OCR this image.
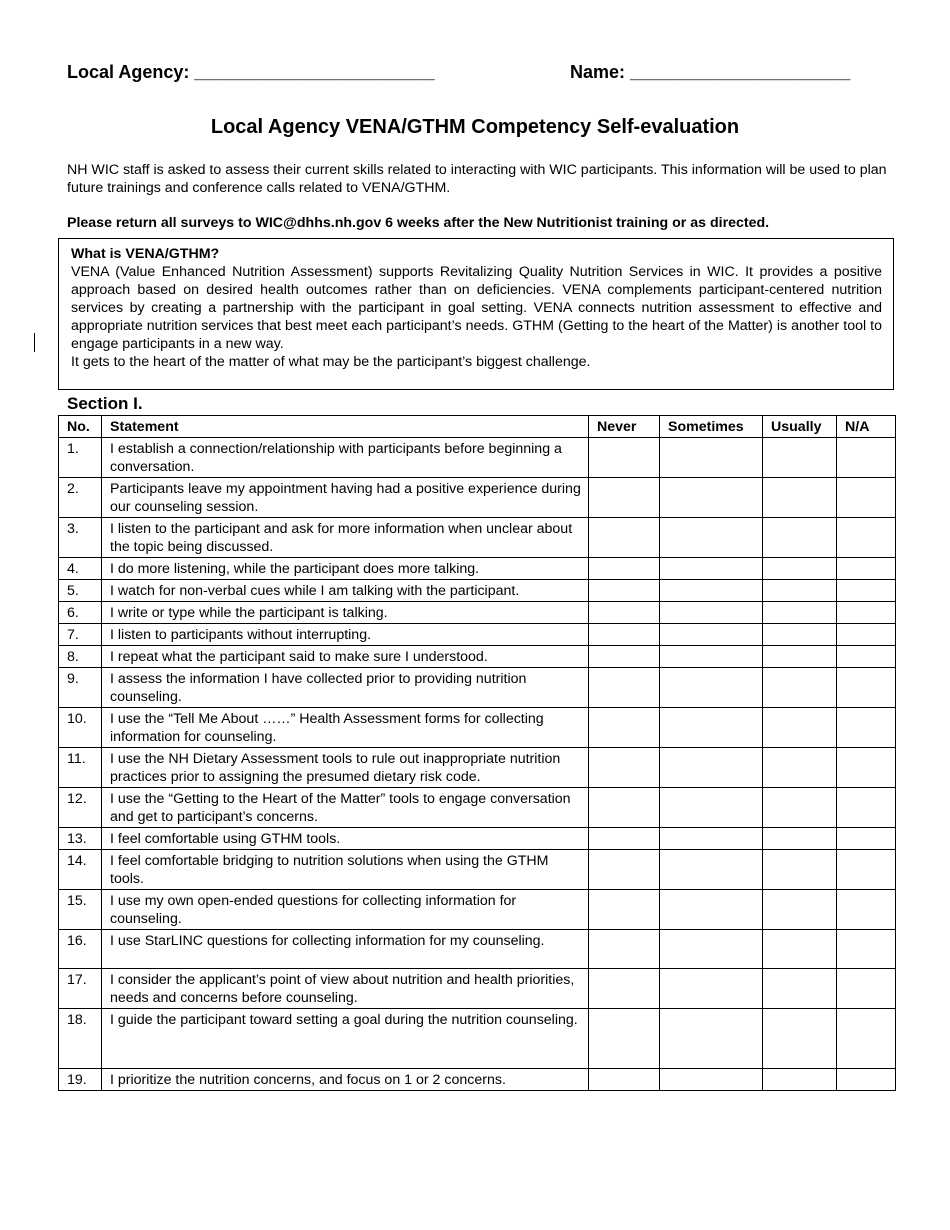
Local Agency: ________________________	Name: ______________________
Local Agency VENA/GTHM Competency Self-evaluation
NH WIC staff is asked to assess their current skills related to interacting with WIC participants. This information will be used to plan future trainings and conference calls related to VENA/GTHM.
Please return all surveys to WIC@dhhs.nh.gov 6 weeks after the New Nutritionist training or as directed.
What is VENA/GTHM?
VENA (Value Enhanced Nutrition Assessment) supports Revitalizing Quality Nutrition Services in WIC. It provides a positive approach based on desired health outcomes rather than on deficiencies. VENA complements participant-centered nutrition services by creating a partnership with the participant in goal setting. VENA connects nutrition assessment to effective and appropriate nutrition services that best meet each participant’s needs. GTHM (Getting to the heart of the Matter) is another tool to engage participants in a new way.
It gets to the heart of the matter of what may be the participant’s biggest challenge.
Section I.
No.	Statement	Never	Sometimes	Usually	N/A
1.	I establish a connection/relationship with participants before beginning a conversation.				
2.	Participants leave my appointment having had a positive experience during our counseling session.				
3.	I listen to the participant and ask for more information when unclear about the topic being discussed.				
4.	I do more listening, while the participant does more talking.				
5.	I watch for non-verbal cues while I am talking with the participant.				
6.	I write or type while the participant is talking.				
7.	I listen to participants without interrupting.				
8.	I repeat what the participant said to make sure I understood.				
9.	I assess the information I have collected prior to providing nutrition counseling.				
10.	I use the “Tell Me About ……” Health Assessment forms for collecting information for counseling.				
11.	I use the NH Dietary Assessment tools to rule out inappropriate nutrition practices prior to assigning the presumed dietary risk code.				
12.	I use the “Getting to the Heart of the Matter” tools to engage conversation and get to participant’s concerns.				
13.	I feel comfortable using GTHM tools.				
14.	I feel comfortable bridging to nutrition solutions when using the GTHM tools.				
15.	I use my own open-ended questions for collecting information for counseling.				
16.	I use StarLINC questions for collecting information for my counseling.				
17.	I consider the applicant’s point of view about nutrition and health priorities, needs and concerns before counseling.				
18.	I guide the participant toward setting a goal during the nutrition counseling.				
19.	I prioritize the nutrition concerns, and focus on 1 or 2 concerns.				
